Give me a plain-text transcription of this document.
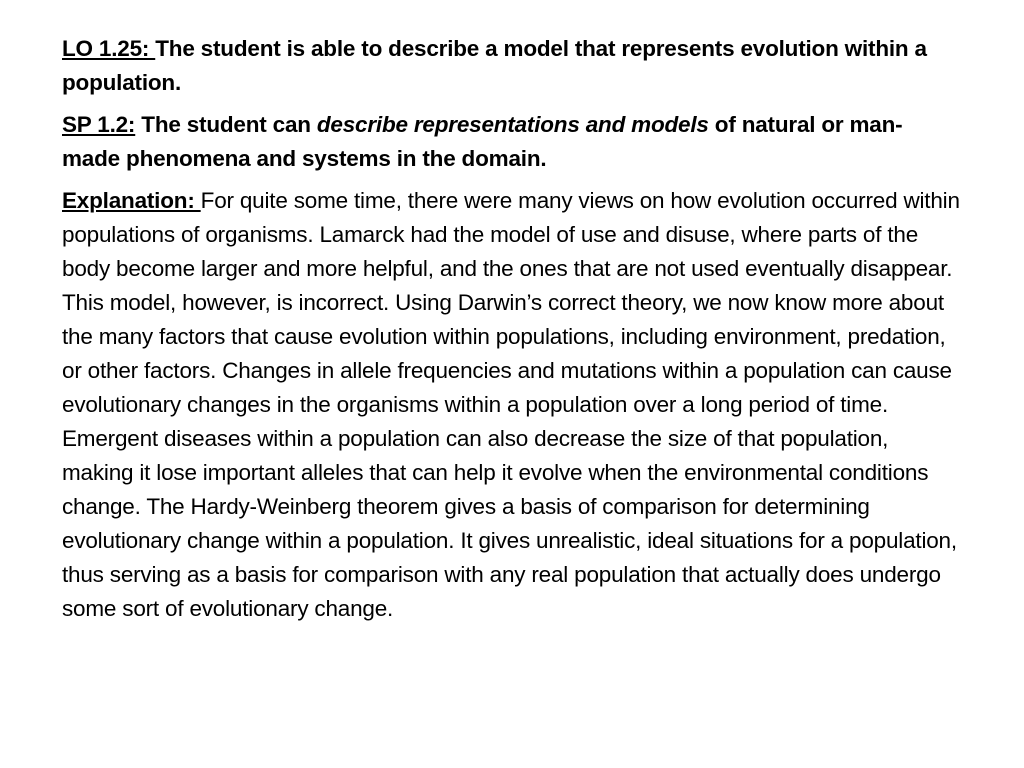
LO 1.25: The student is able to describe a model that represents evolution within a population.

SP 1.2: The student can describe representations and models of natural or man-made phenomena and systems in the domain.

Explanation: For quite some time, there were many views on how evolution occurred within populations of organisms. Lamarck had the model of use and disuse, where parts of the body become larger and more helpful, and the ones that are not used eventually disappear. This model, however, is incorrect. Using Darwin’s correct theory, we now know more about the many factors that cause evolution within populations, including environment, predation, or other factors. Changes in allele frequencies and mutations within a population can cause evolutionary changes in the organisms within a population over a long period of time. Emergent diseases within a population can also decrease the size of that population, making it lose important alleles that can help it evolve when the environmental conditions change. The Hardy-Weinberg theorem gives a basis of comparison for determining evolutionary change within a population. It gives unrealistic, ideal situations for a population, thus serving as a basis for comparison with any real population that actually does undergo some sort of evolutionary change.
